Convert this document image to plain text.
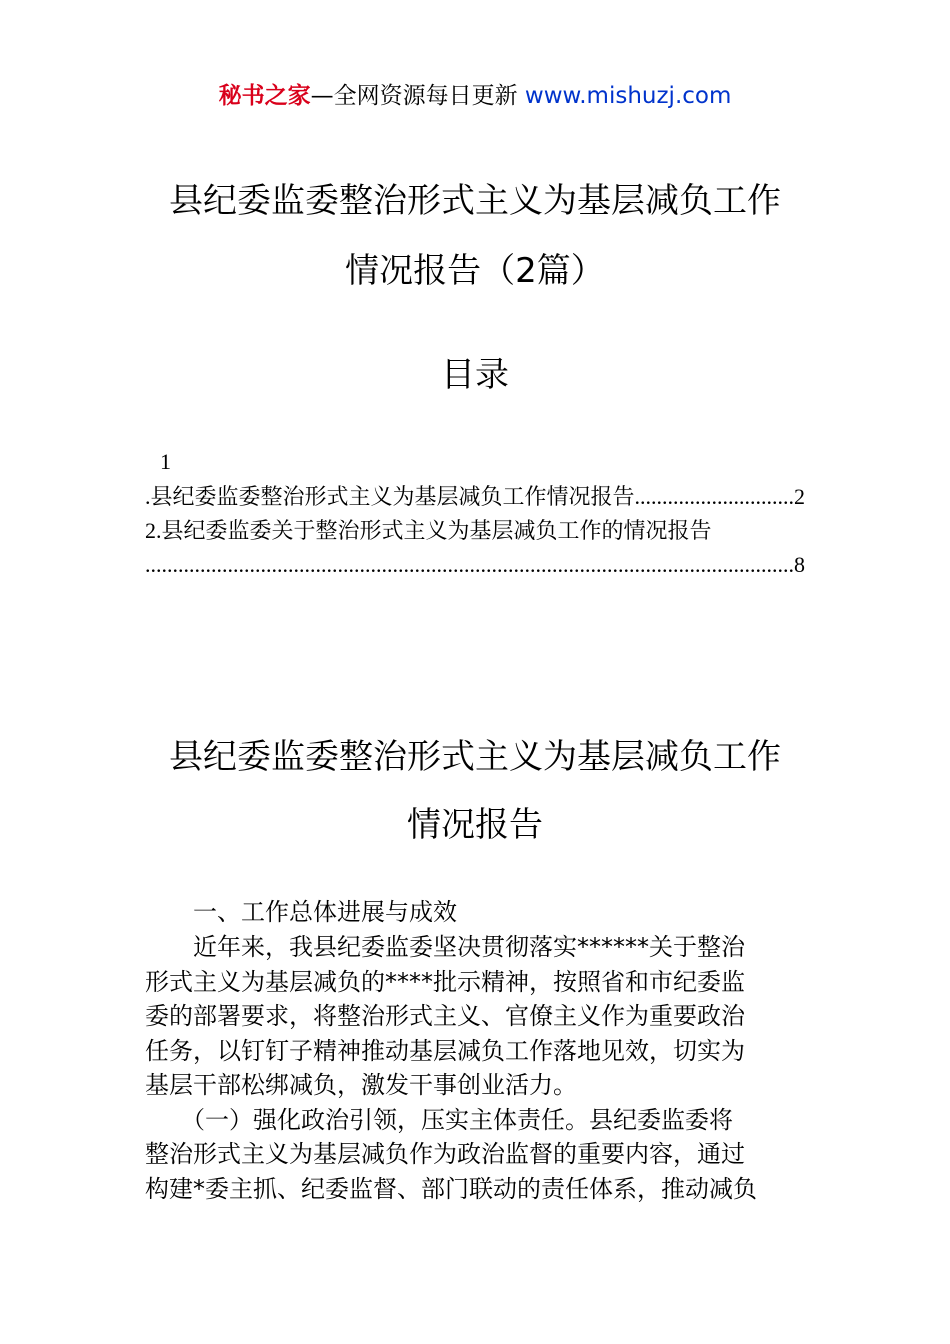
秘书之家—全网资源每日更新 www.mishuzj.com
县纪委监委整治形式主义为基层减负工作
情况报告（2篇）
目录
1
.县纪委监委整治形式主义为基层减负工作情况报告
.....	2
2.县纪委监委关于整治形式主义为基层减负工作的情况报告
.....
8
县纪委监委整治形式主义为基层减负工作
情况报告
　　一、工作总体进展与成效
　　近年来，我县纪委监委坚决贯彻落实******关于整治
形式主义为基层减负的****批示精神，按照省和市纪委监
委的部署要求，将整治形式主义、官僚主义作为重要政治
任务，以钉钉子精神推动基层减负工作落地见效，切实为
基层干部松绑减负，激发干事创业活力。
　　（一）强化政治引领，压实主体责任。县纪委监委将
整治形式主义为基层减负作为政治监督的重要内容，通过
构建*委主抓、纪委监督、部门联动的责任体系，推动减负
